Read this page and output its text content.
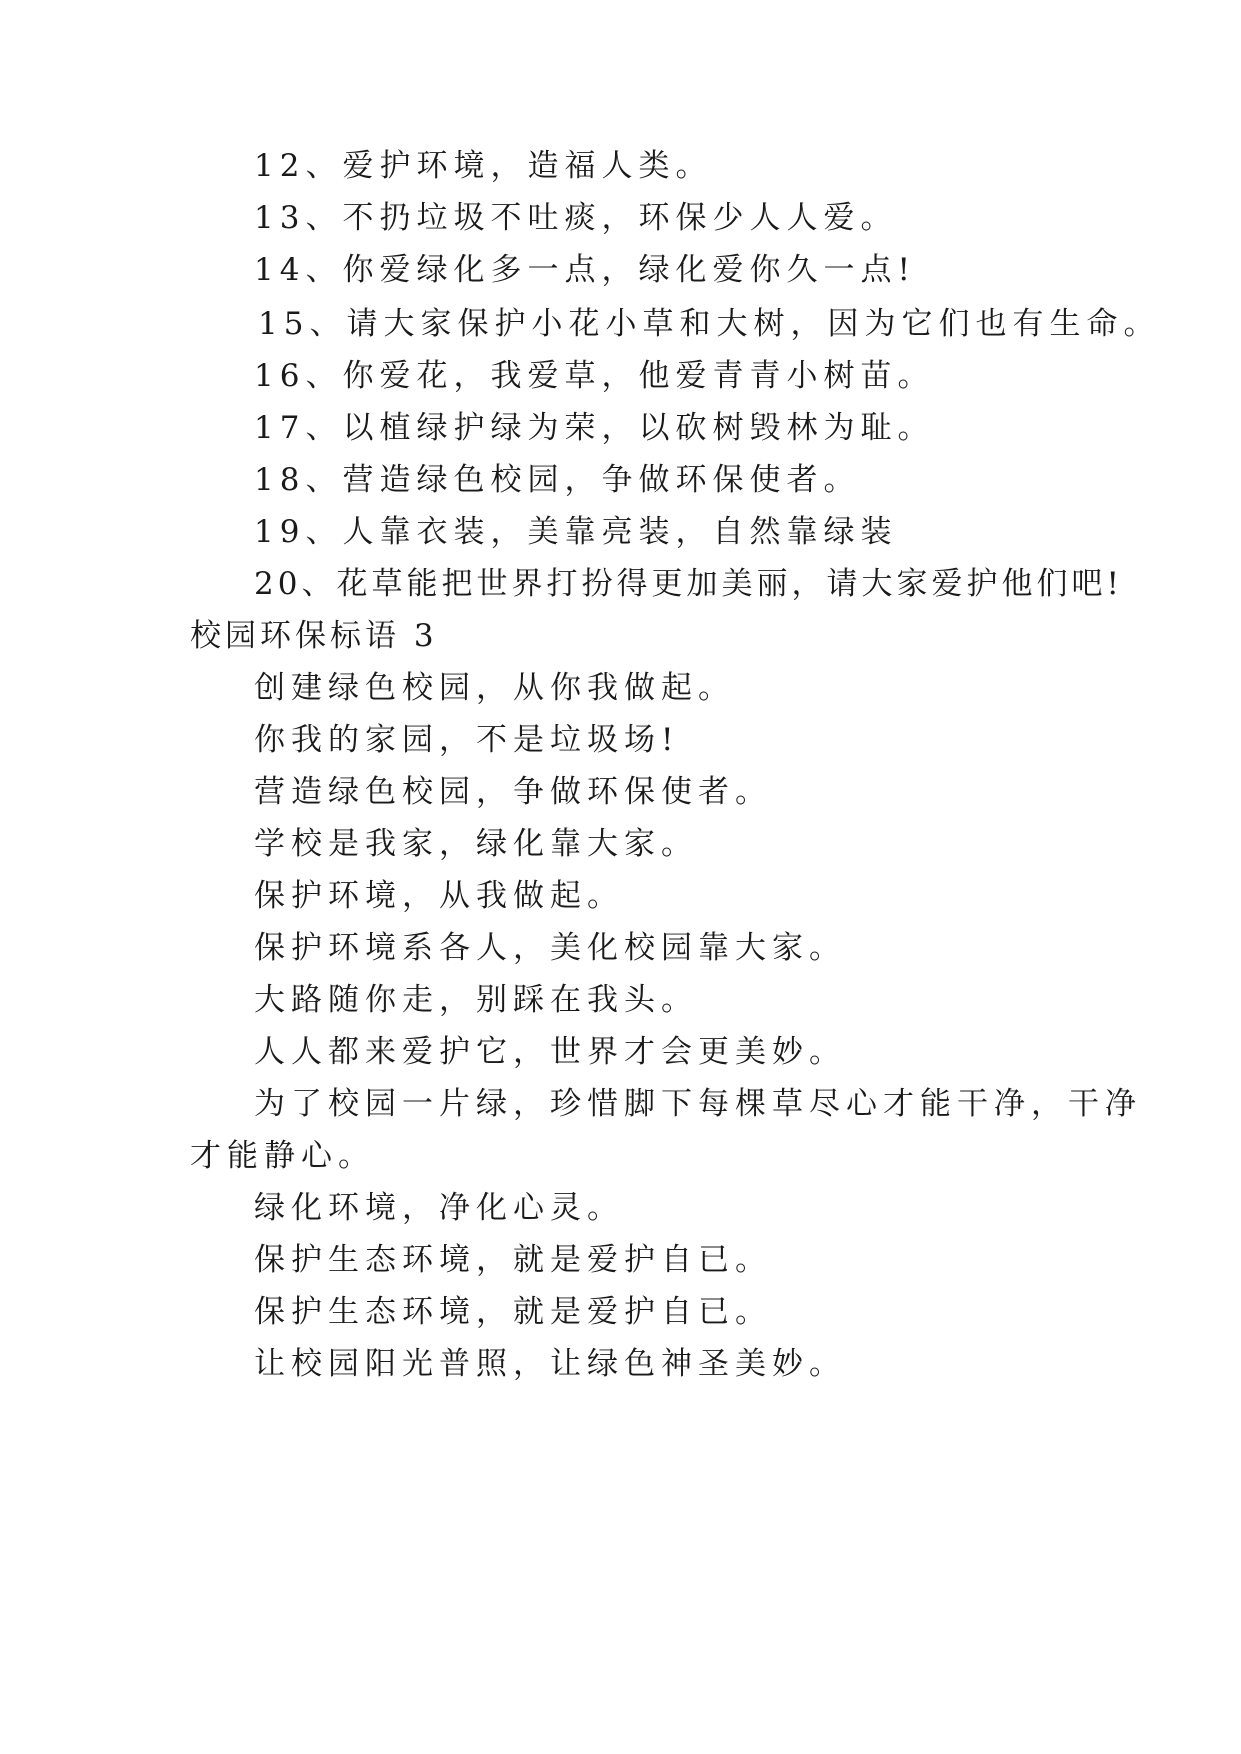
12、爱护环境，造福人类。
13、不扔垃圾不吐痰，环保少人人爱。
14、你爱绿化多一点，绿化爱你久一点!
15、请大家保护小花小草和大树，因为它们也有生命。
16、你爱花，我爱草，他爱青青小树苗。
17、以植绿护绿为荣，以砍树毁林为耻。
18、营造绿色校园，争做环保使者。
19、人靠衣装，美靠亮装，自然靠绿装
20、花草能把世界打扮得更加美丽，请大家爱护他们吧!
校园环保标语 3
创建绿色校园，从你我做起。
你我的家园，不是垃圾场!
营造绿色校园，争做环保使者。
学校是我家，绿化靠大家。
保护环境，从我做起。
保护环境系各人，美化校园靠大家。
大路随你走，别踩在我头。
人人都来爱护它，世界才会更美妙。
为了校园一片绿，珍惜脚下每棵草尽心才能干净，干净
才能静心。
绿化环境，净化心灵。
保护生态环境，就是爱护自已。
保护生态环境，就是爱护自已。
让校园阳光普照，让绿色神圣美妙。
